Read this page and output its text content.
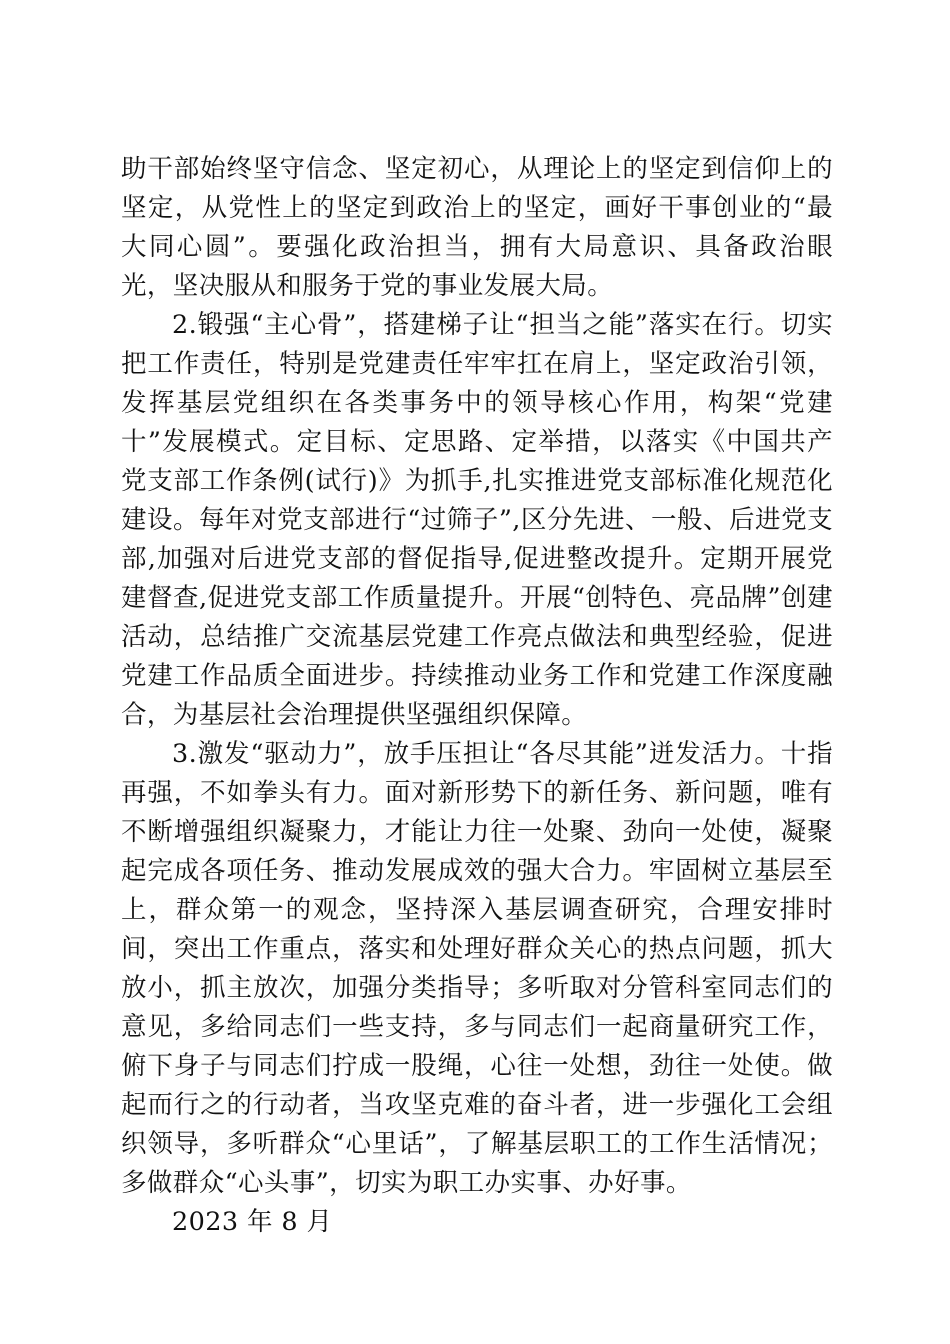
助干部始终坚守信念、坚定初心，从理论上的坚定到信仰上的坚定，从党性上的坚定到政治上的坚定，画好干事创业的“最大同心圆”。要强化政治担当，拥有大局意识、具备政治眼光，坚决服从和服务于党的事业发展大局。

2.锻强“主心骨”，搭建梯子让“担当之能”落实在行。切实把工作责任，特别是党建责任牢牢扛在肩上，坚定政治引领，发挥基层党组织在各类事务中的领导核心作用，构架“党建十”发展模式。定目标、定思路、定举措，以落实《中国共产党支部工作条例(试行)》为抓手,扎实推进党支部标准化规范化建设。每年对党支部进行“过筛子”,区分先进、一般、后进党支部,加强对后进党支部的督促指导,促进整改提升。定期开展党建督查,促进党支部工作质量提升。开展“创特色、亮品牌”创建活动，总结推广交流基层党建工作亮点做法和典型经验，促进党建工作品质全面进步。持续推动业务工作和党建工作深度融合，为基层社会治理提供坚强组织保障。

3.激发“驱动力”，放手压担让“各尽其能”迸发活力。十指再强，不如拳头有力。面对新形势下的新任务、新问题，唯有不断增强组织凝聚力，才能让力往一处聚、劲向一处使，凝聚起完成各项任务、推动发展成效的强大合力。牢固树立基层至上，群众第一的观念，坚持深入基层调查研究，合理安排时间，突出工作重点，落实和处理好群众关心的热点问题，抓大放小，抓主放次，加强分类指导；多听取对分管科室同志们的意见，多给同志们一些支持，多与同志们一起商量研究工作，俯下身子与同志们拧成一股绳，心往一处想，劲往一处使。做起而行之的行动者，当攻坚克难的奋斗者，进一步强化工会组织领导，多听群众“心里话”，了解基层职工的工作生活情况；多做群众“心头事”，切实为职工办实事、办好事。

2023 年 8 月
